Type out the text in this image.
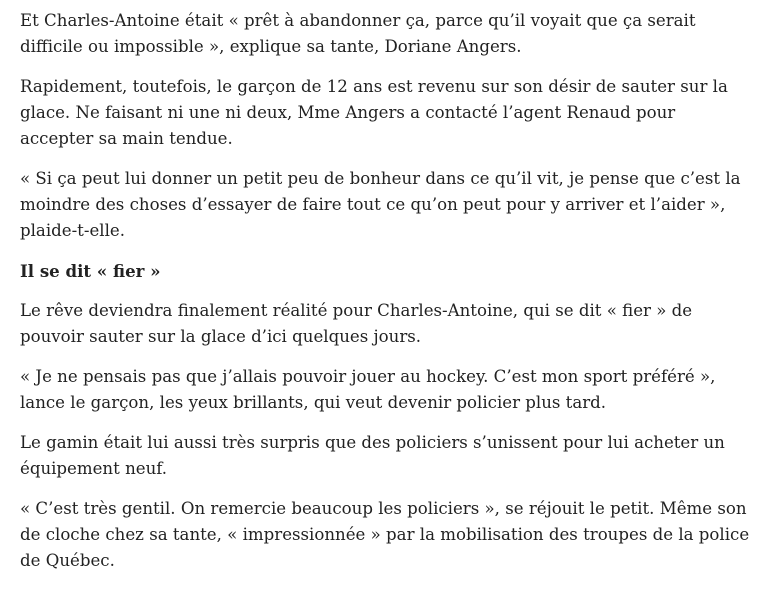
Et Charles-Antoine était « prêt à abandonner ça, parce qu’il voyait que ça serait difficile ou impossible », explique sa tante, Doriane Angers.

Rapidement, toutefois, le garçon de 12 ans est revenu sur son désir de sauter sur la glace. Ne faisant ni une ni deux, Mme Angers a contacté l’agent Renaud pour accepter sa main tendue.

« Si ça peut lui donner un petit peu de bonheur dans ce qu’il vit, je pense que c’est la moindre des choses d’essayer de faire tout ce qu’on peut pour y arriver et l’aider », plaide-t-elle.

Il se dit « fier »

Le rêve deviendra finalement réalité pour Charles-Antoine, qui se dit « fier » de pouvoir sauter sur la glace d’ici quelques jours.

« Je ne pensais pas que j’allais pouvoir jouer au hockey. C’est mon sport préféré », lance le garçon, les yeux brillants, qui veut devenir policier plus tard.

Le gamin était lui aussi très surpris que des policiers s’unissent pour lui acheter un équipement neuf.

« C’est très gentil. On remercie beaucoup les policiers », se réjouit le petit. Même son de cloche chez sa tante, « impressionnée » par la mobilisation des troupes de la police de Québec.
